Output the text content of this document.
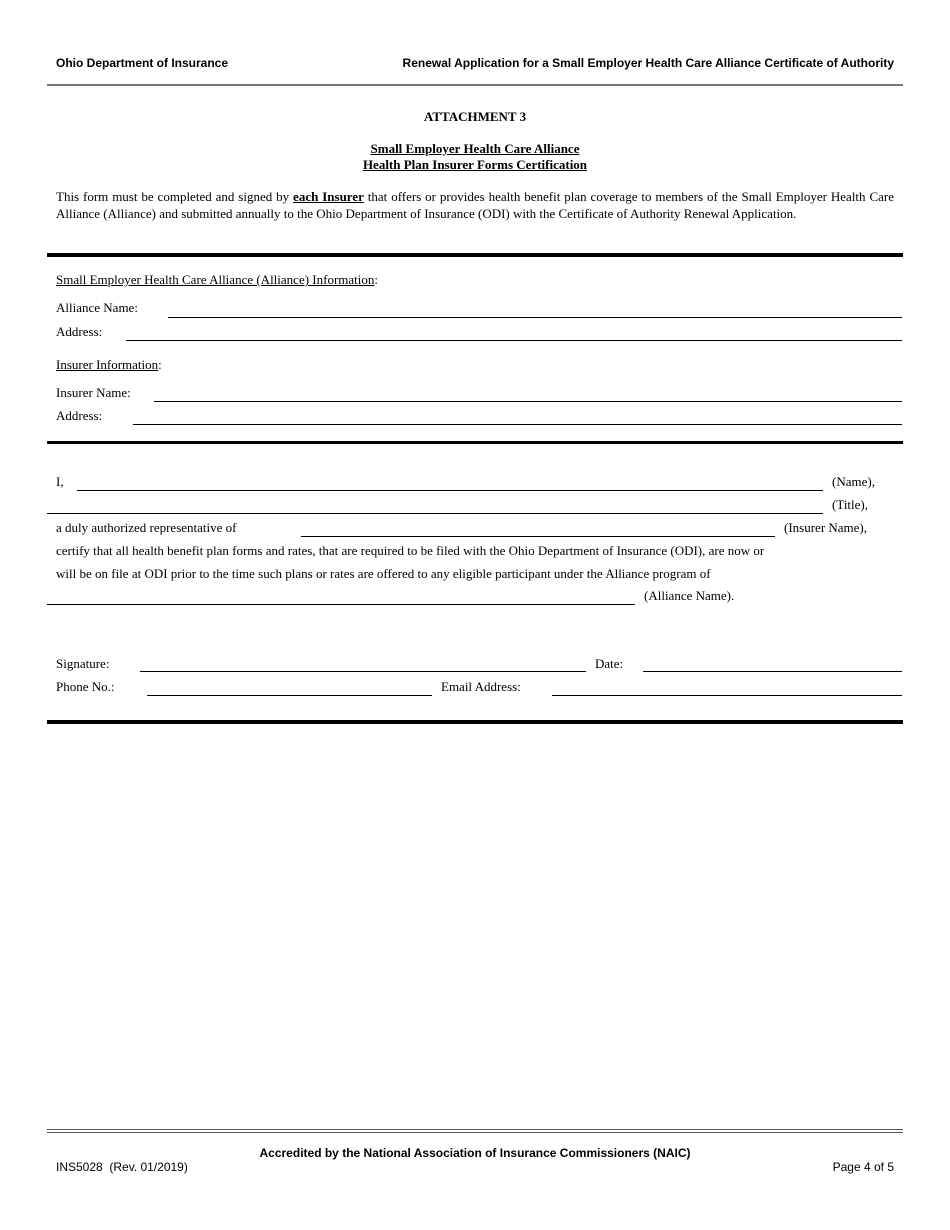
Ohio Department of Insurance	Renewal Application for a Small Employer Health Care Alliance Certificate of Authority
ATTACHMENT 3
Small Employer Health Care Alliance
Health Plan Insurer Forms Certification
This form must be completed and signed by each Insurer that offers or provides health benefit plan coverage to members of the Small Employer Health Care Alliance (Alliance) and submitted annually to the Ohio Department of Insurance (ODI) with the Certificate of Authority Renewal Application.
Small Employer Health Care Alliance (Alliance) Information:
Alliance Name:
Address:
Insurer Information:
Insurer Name:
Address:
I,	(Name),
(Title),
a duly authorized representative of	(Insurer Name),
certify that all health benefit plan forms and rates, that are required to be filed with the Ohio Department of Insurance (ODI), are now or
will be on file at ODI prior to the time such plans or rates are offered to any eligible participant under the Alliance program of
(Alliance Name).
Signature:	Date:
Phone No.:	Email Address:
Accredited by the National Association of Insurance Commissioners (NAIC)
INS5028  (Rev. 01/2019)	Page 4 of 5
